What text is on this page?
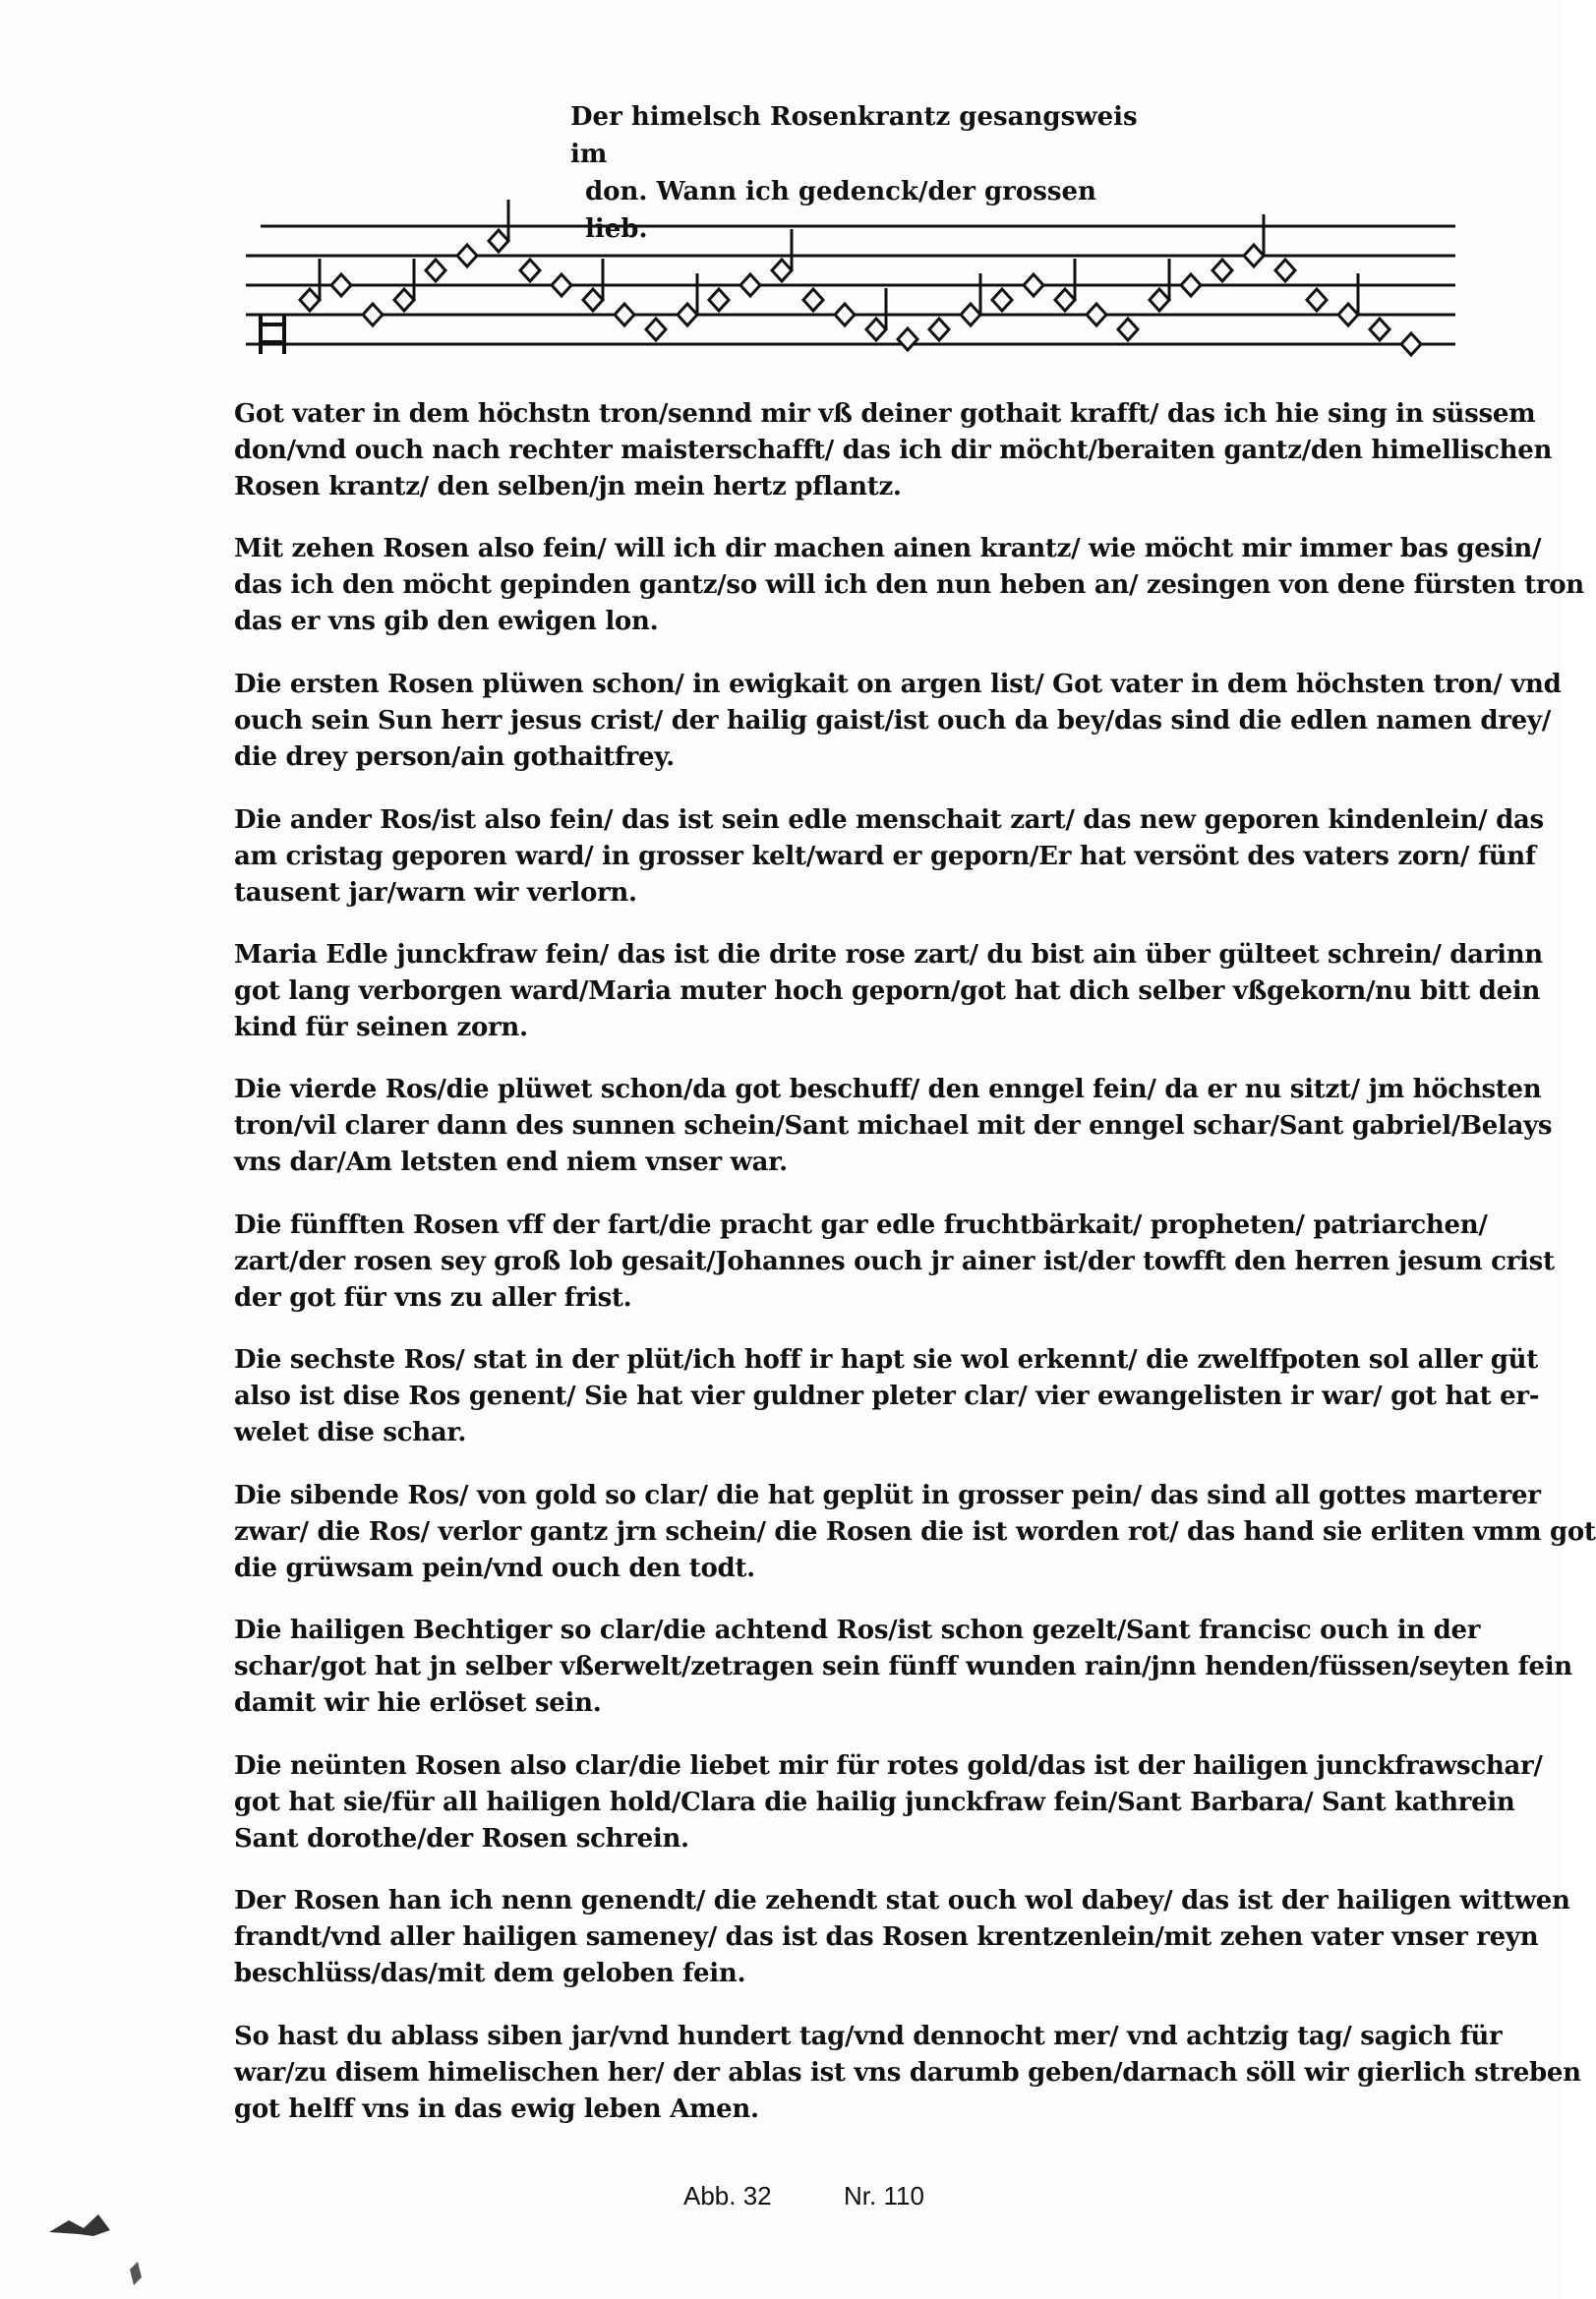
Der himelsch Rosenkrantz gesangsweis im
don. Wann ich gedenck/der grossen lieb.
Got vater in dem höchstn tron/sennd mir vß deiner gothait krafft/ das ich hie sing in süssem
don/vnd ouch nach rechter maisterschafft/ das ich dir möcht/beraiten gantz/den himellischen
Rosen krantz/ den selben/jn mein hertz pflantz.
Mit zehen Rosen also fein/ will ich dir machen ainen krantz/ wie möcht mir immer bas gesin/
das ich den möcht gepinden gantz/so will ich den nun heben an/ zesingen von dene fürsten tron
das er vns gib den ewigen lon.
Die ersten Rosen plüwen schon/ in ewigkait on argen list/ Got vater in dem höchsten tron/ vnd
ouch sein Sun herr jesus crist/ der hailig gaist/ist ouch da bey/das sind die edlen namen drey/
die drey person/ain gothaitfrey.
Die ander Ros/ist also fein/ das ist sein edle menschait zart/ das new geporen kindenlein/ das
am cristag geporen ward/ in grosser kelt/ward er geporn/Er hat versönt des vaters zorn/ fünf
tausent jar/warn wir verlorn.
Maria Edle junckfraw fein/ das ist die drite rose zart/ du bist ain über gülteet schrein/ darinn
got lang verborgen ward/Maria muter hoch geporn/got hat dich selber vßgekorn/nu bitt dein
kind für seinen zorn.
Die vierde Ros/die plüwet schon/da got beschuff/ den enngel fein/ da er nu sitzt/ jm höchsten
tron/vil clarer dann des sunnen schein/Sant michael mit der enngel schar/Sant gabriel/Belays
vns dar/Am letsten end niem vnser war.
Die fünfften Rosen vff der fart/die pracht gar edle fruchtbärkait/ propheten/ patriarchen/
zart/der rosen sey groß lob gesait/Johannes ouch jr ainer ist/der towfft den herren jesum crist
der got für vns zu aller frist.
Die sechste Ros/ stat in der plüt/ich hoff ir hapt sie wol erkennt/ die zwelffpoten sol aller güt
also ist dise Ros genent/ Sie hat vier guldner pleter clar/ vier ewangelisten ir war/ got hat er-
welet dise schar.
Die sibende Ros/ von gold so clar/ die hat geplüt in grosser pein/ das sind all gottes marterer
zwar/ die Ros/ verlor gantz jrn schein/ die Rosen die ist worden rot/ das hand sie erliten vmm got
die grüwsam pein/vnd ouch den todt.
Die hailigen Bechtiger so clar/die achtend Ros/ist schon gezelt/Sant francisc ouch in der
schar/got hat jn selber vßerwelt/zetragen sein fünff wunden rain/jnn henden/füssen/seyten fein
damit wir hie erlöset sein.
Die neünten Rosen also clar/die liebet mir für rotes gold/das ist der hailigen junckfrawschar/
got hat sie/für all hailigen hold/Clara die hailig junckfraw fein/Sant Barbara/ Sant kathrein
Sant dorothe/der Rosen schrein.
Der Rosen han ich nenn genendt/ die zehendt stat ouch wol dabey/ das ist der hailigen wittwen
frandt/vnd aller hailigen sameney/ das ist das Rosen krentzenlein/mit zehen vater vnser reyn
beschlüss/das/mit dem geloben fein.
So hast du ablass siben jar/vnd hundert tag/vnd dennocht mer/ vnd achtzig tag/ sagich für
war/zu disem himelischen her/ der ablas ist vns darumb geben/darnach söll wir gierlich streben
got helff vns in das ewig leben Amen.
Abb. 32	Nr. 110
